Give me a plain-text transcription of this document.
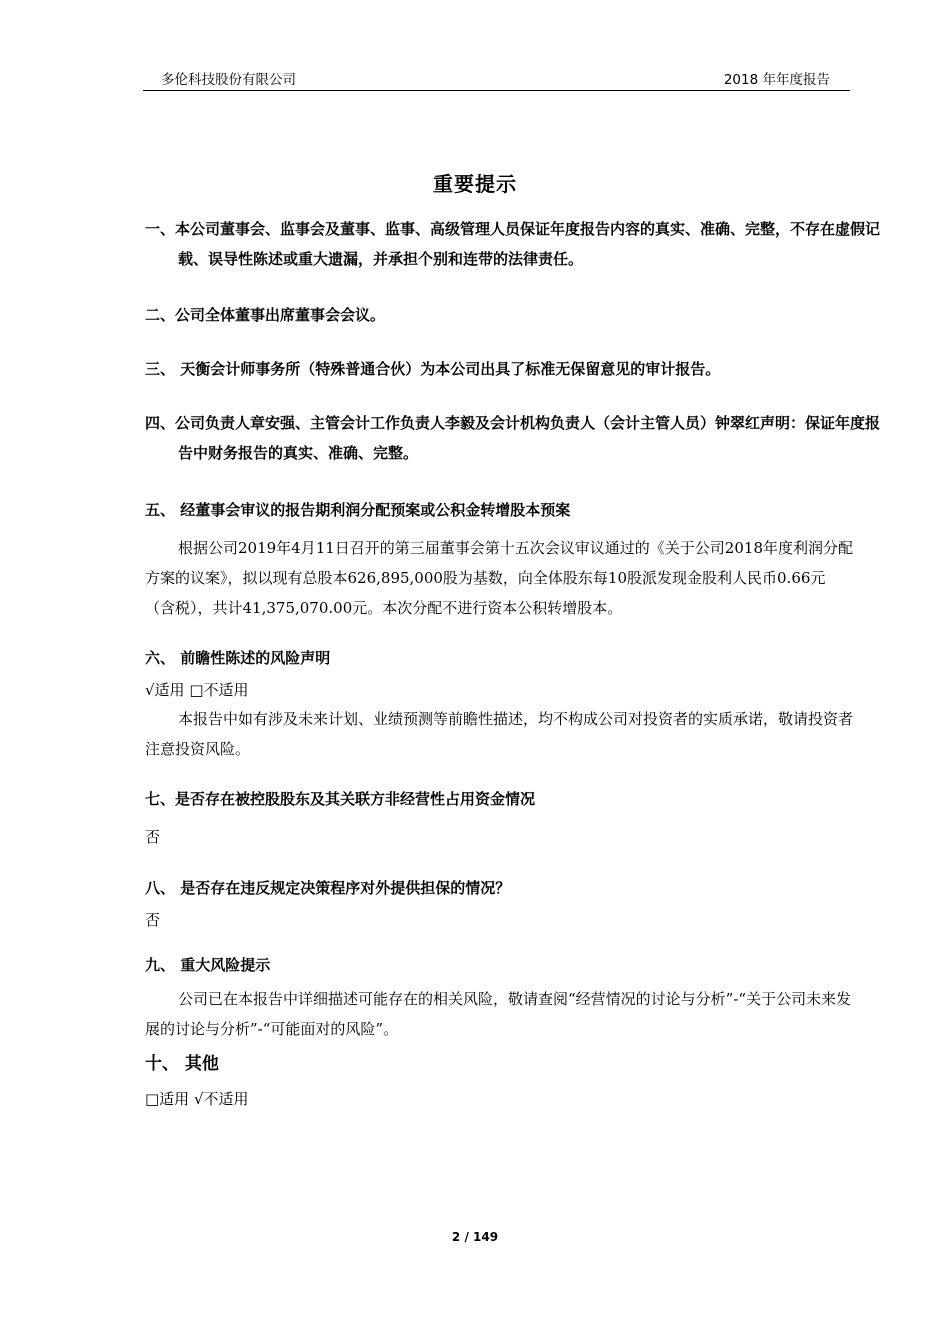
多伦科技股份有限公司	2018 年年度报告
重要提示
一、本公司董事会、监事会及董事、监事、高级管理人员保证年度报告内容的真实、准确、完整，不存在虚假记载、误导性陈述或重大遗漏，并承担个别和连带的法律责任。
二、公司全体董事出席董事会会议。
三、 天衡会计师事务所（特殊普通合伙）为本公司出具了标准无保留意见的审计报告。
四、公司负责人章安强、主管会计工作负责人李毅及会计机构负责人（会计主管人员）钟翠红声明：保证年度报告中财务报告的真实、准确、完整。
五、 经董事会审议的报告期利润分配预案或公积金转增股本预案
根据公司2019年4月11日召开的第三届董事会第十五次会议审议通过的《关于公司2018年度利润分配方案的议案》，拟以现有总股本626,895,000股为基数，向全体股东每10股派发现金股利人民币0.66元（含税），共计41,375,070.00元。本次分配不进行资本公积转增股本。
六、 前瞻性陈述的风险声明
√适用 □不适用
本报告中如有涉及未来计划、业绩预测等前瞻性描述，均不构成公司对投资者的实质承诺，敬请投资者注意投资风险。
七、是否存在被控股股东及其关联方非经营性占用资金情况
否
八、 是否存在违反规定决策程序对外提供担保的情况？
否
九、 重大风险提示
公司已在本报告中详细描述可能存在的相关风险，敬请查阅“经营情况的讨论与分析”-“关于公司未来发展的讨论与分析”-“可能面对的风险”。
十、 其他
□适用 √不适用
2 / 149
